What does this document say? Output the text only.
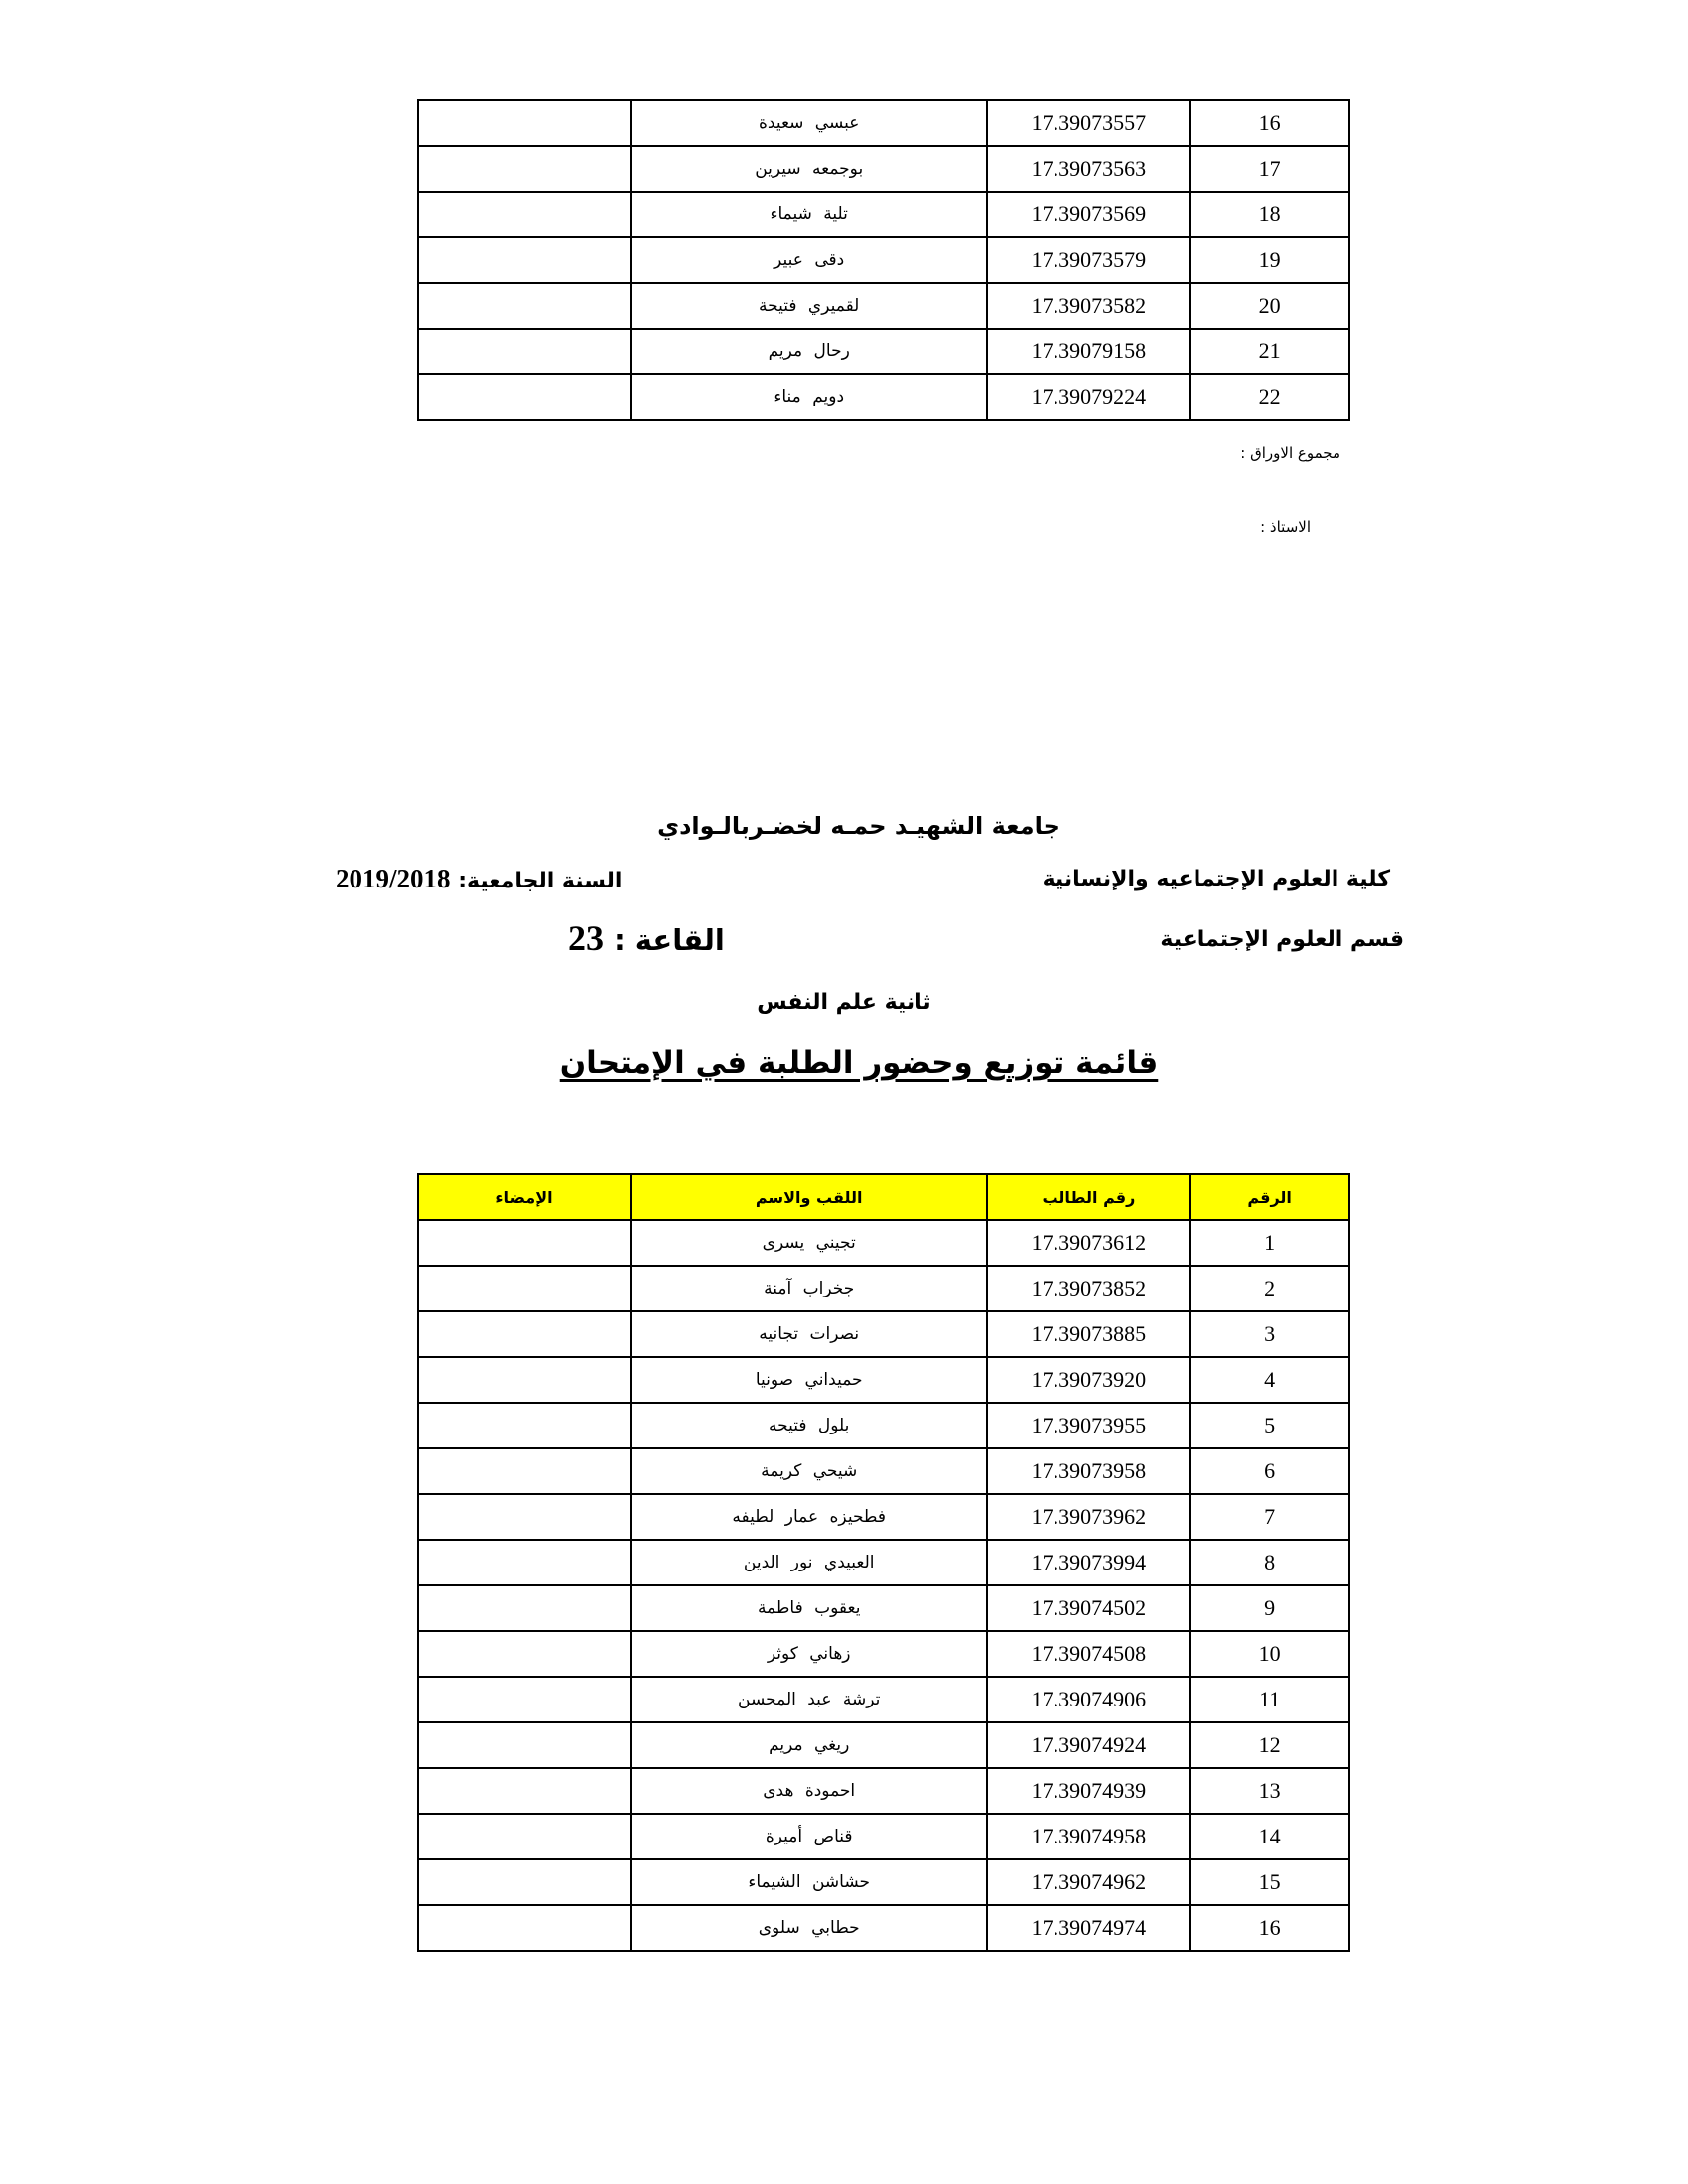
16	17.39073557	عبسي سعيدة	
17	17.39073563	بوجمعه سيرين	
18	17.39073569	تلية شيماء	
19	17.39073579	دقى عبير	
20	17.39073582	لقميري فتيحة	
21	17.39079158	رحال مريم	
22	17.39079224	دويم مناء	
مجموع الاوراق :
الاستاذ :
جامعة الشهيـد حمـه لخضـربالـوادي
كلية العلوم الإجتماعيه والإنسانية
السنة الجامعية: 2019/2018
قسم العلوم الإجتماعية
القاعة : 23
ثانية علم النفس
قائمة توزيع وحضور الطلبة في الإمتحان
الرقم	رقم الطالب	اللقب والاسم	الإمضاء
1	17.39073612	تجيني يسرى	
2	17.39073852	جخراب آمنة	
3	17.39073885	نصرات تجانيه	
4	17.39073920	حميداني صونيا	
5	17.39073955	بلول فتيحه	
6	17.39073958	شيحي كريمة	
7	17.39073962	فطحيزه عمار لطيفه	
8	17.39073994	العبيدي نور الدين	
9	17.39074502	يعقوب فاطمة	
10	17.39074508	زهاني كوثر	
11	17.39074906	ترشة عبد المحسن	
12	17.39074924	ريغي مريم	
13	17.39074939	احمودة هدى	
14	17.39074958	قناص أميرة	
15	17.39074962	حشاشن الشيماء	
16	17.39074974	حطابي سلوى	
